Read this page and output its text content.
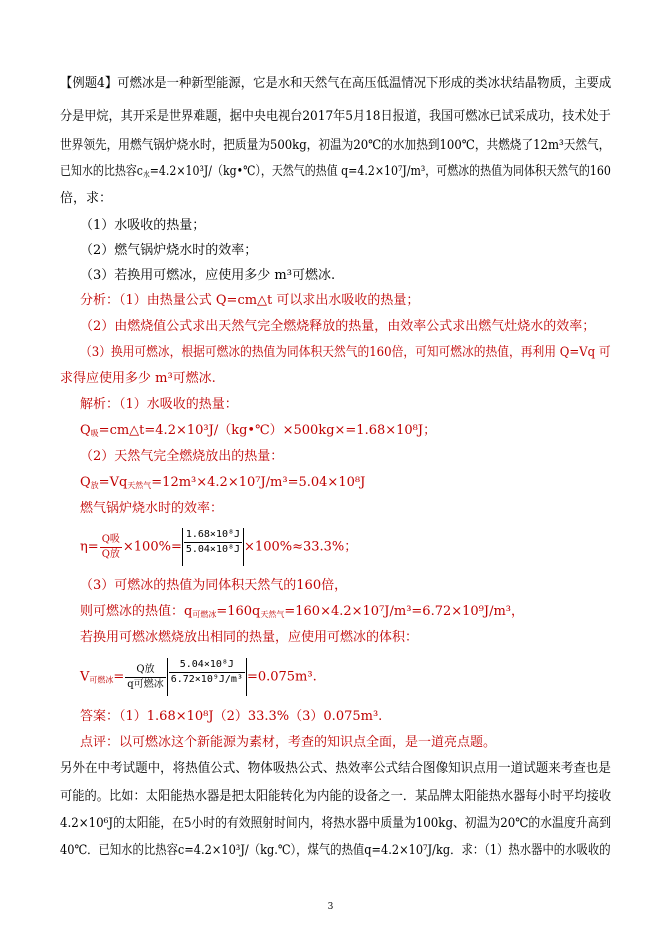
【例题4】可燃冰是一种新型能源，它是水和天然气在高压低温情况下形成的类冰状结晶物质，主要成
分是甲烷，其开采是世界难题，据中央电视台2017年5月18日报道，我国可燃冰已试采成功，技术处于
世界领先，用燃气锅炉烧水时，把质量为500kg，初温为20℃的水加热到100℃，共燃烧了12m³天然气，
已知水的比热容$c_水=4.2\times 10^3J/(kg•℃)$，天然气的热值 q=4.2×10⁷J/m³，可燃冰的热值为同体积天然气的160
倍，求：
（1）水吸收的热量；
（2）燃气锅炉烧水时的效率；
（3）若换用可燃冰，应使用多少 m³可燃冰.
分析：（1）由热量公式 Q=cm△t 可以求出水吸收的热量；
（2）由燃烧值公式求出天然气完全燃烧释放的热量，由效率公式求出燃气灶烧水的效率；
（3）换用可燃冰，根据可燃冰的热值为同体积天然气的160倍，可知可燃冰的热值，再利用 Q=Vq 可
求得应使用多少 m³可燃冰.
解析：（1）水吸收的热量：
$Q_吸=cm\triangle t=4.2\times 10^3J/(kg•℃)\times 500kg\times=1.68\times 10^8J$；
（2）天然气完全燃烧放出的热量：
$Q_放=Vq_{天然气}=12m^3\times 4.2\times 10^7J/m^3=5.04\times 10^8J$
燃气锅炉烧水时的效率：
$\eta= \frac{\text{Q吸}}{\text{Q放}} \times 100\%= \frac{\text{1.68×10⁸J}}{\text{5.04×10⁸J}} \times 100\%\approx 33.3\%$；
（3）可燃冰的热值为同体积天然气的160倍，
则可燃冰的热值：$q_{可燃冰}=160q_{天然气}=160\times 4.2\times 10^7J/m^3=6.72\times 10^9J/m^3$，
若换用可燃冰燃烧放出相同的热量，应使用可燃冰的体积：
$V_{可燃冰}= \frac{\text{Q放}}{\text{q可燃冰}} \frac{\text{5.04×10⁸J}}{\text{6.72×10⁹J/m³}} =0.075m^3$.
答案：（1）1.68×10⁸J（2）33.3%（3）0.075m³.
点评：以可燃冰这个新能源为素材，考查的知识点全面，是一道亮点题。
另外在中考试题中，将热值公式、物体吸热公式、热效率公式结合图像知识点用一道试题来考查也是
可能的。比如：太阳能热水器是把太阳能转化为内能的设备之一．某品牌太阳能热水器每小时平均接收
4.2×10⁶J的太阳能，在5小时的有效照射时间内，将热水器中质量为100kg、初温为20℃的水温度升高到
40℃．已知水的比热容c=4.2×10³J/（kg.℃），煤气的热值q=4.2×10⁷J/kg．求：（1）热水器中的水吸收的
3
